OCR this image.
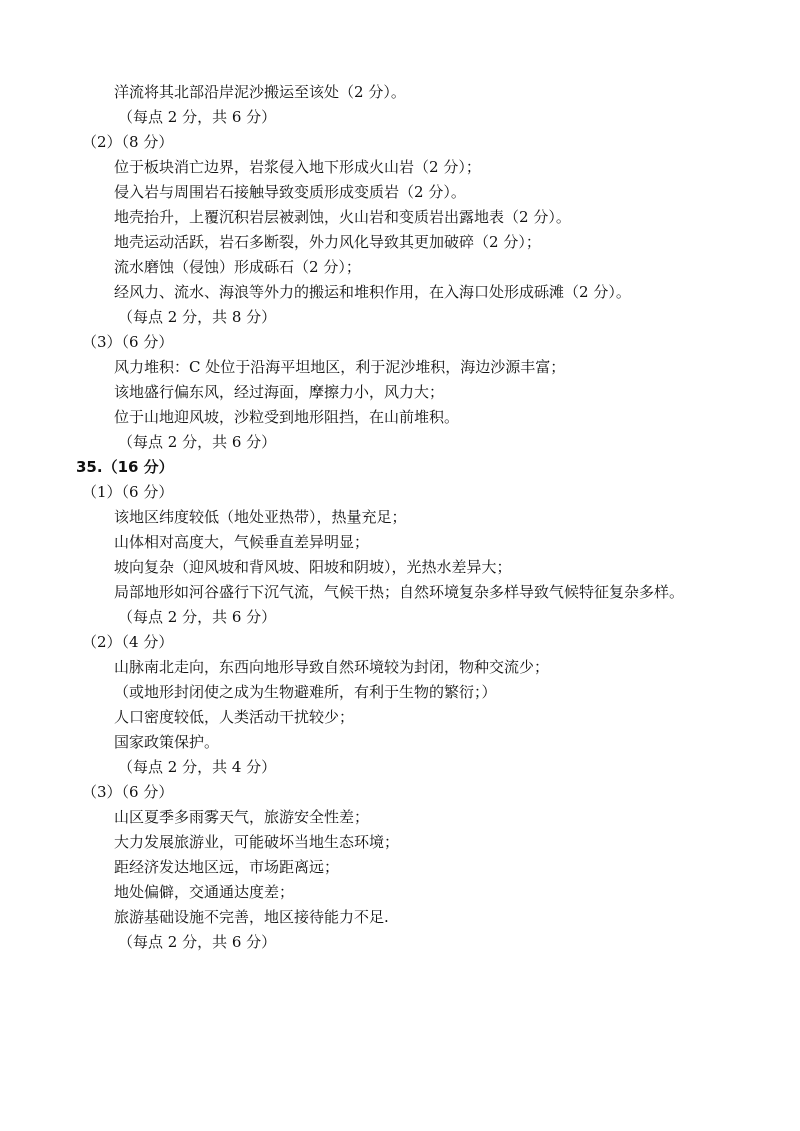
洋流将其北部沿岸泥沙搬运至该处（2 分）。
（每点 2 分，共 6 分）
（2）（8 分）
位于板块消亡边界，岩浆侵入地下形成火山岩（2 分）；
侵入岩与周围岩石接触导致变质形成变质岩（2 分）。
地壳抬升，上覆沉积岩层被剥蚀，火山岩和变质岩出露地表（2 分）。
地壳运动活跃，岩石多断裂，外力风化导致其更加破碎（2 分）；
流水磨蚀（侵蚀）形成砾石（2 分）；
经风力、流水、海浪等外力的搬运和堆积作用，在入海口处形成砾滩（2 分）。
（每点 2 分，共 8 分）
（3）（6 分）
风力堆积：C 处位于沿海平坦地区，利于泥沙堆积，海边沙源丰富；
该地盛行偏东风，经过海面，摩擦力小，风力大；
位于山地迎风坡，沙粒受到地形阻挡，在山前堆积。
（每点 2 分，共 6 分）
35.（16 分）
（1）（6 分）
该地区纬度较低（地处亚热带），热量充足；
山体相对高度大，气候垂直差异明显；
坡向复杂（迎风坡和背风坡、阳坡和阴坡），光热水差异大；
局部地形如河谷盛行下沉气流，气候干热；自然环境复杂多样导致气候特征复杂多样。
（每点 2 分，共 6 分）
（2）（4 分）
山脉南北走向，东西向地形导致自然环境较为封闭，物种交流少；
（或地形封闭使之成为生物避难所，有利于生物的繁衍；）
人口密度较低，人类活动干扰较少；
国家政策保护。
（每点 2 分，共 4 分）
（3）（6 分）
山区夏季多雨雾天气，旅游安全性差；
大力发展旅游业，可能破坏当地生态环境；
距经济发达地区远，市场距离远；
地处偏僻，交通通达度差；
旅游基础设施不完善，地区接待能力不足.
（每点 2 分，共 6 分）
